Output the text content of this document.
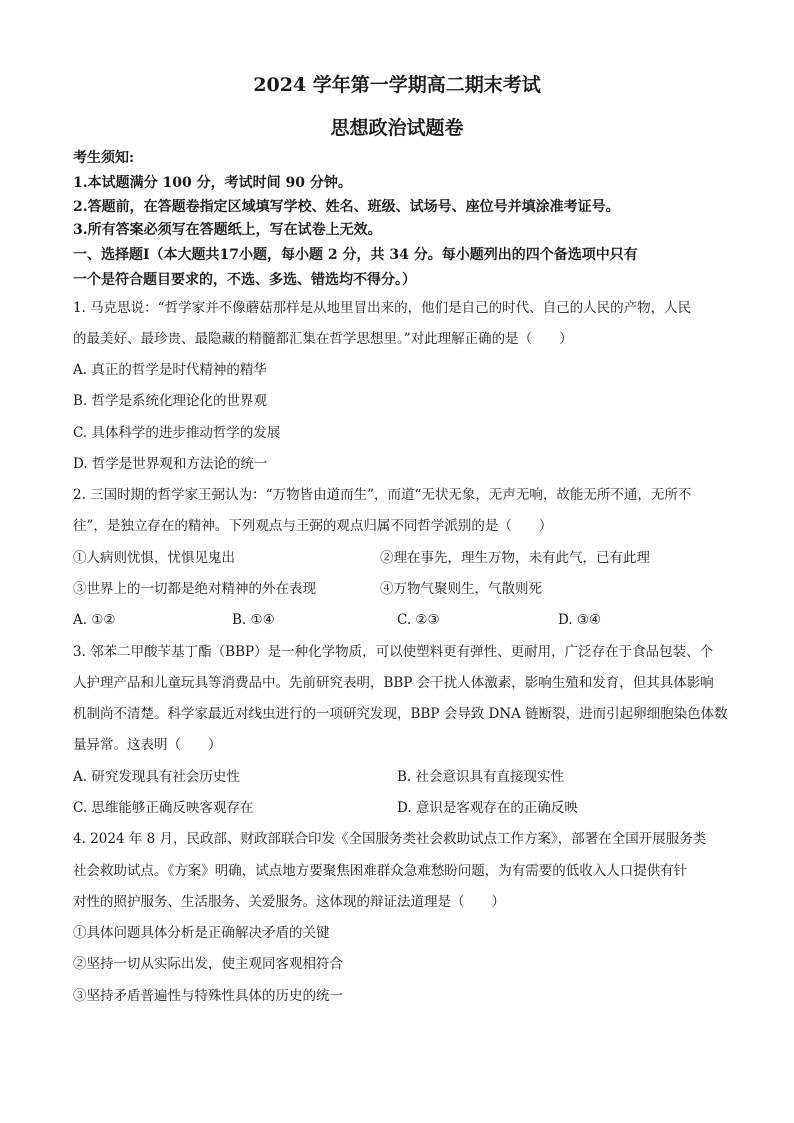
2024 学年第一学期高二期末考试
思想政治试题卷
考生须知:
1.本试题满分 100 分，考试时间 90 分钟。
2.答题前，在答题卷指定区域填写学校、姓名、班级、试场号、座位号并填涂准考证号。
3.所有答案必须写在答题纸上，写在试卷上无效。
一、选择题Ⅰ（本大题共17小题，每小题 2 分，共 34 分。每小题列出的四个备选项中只有
一个是符合题目要求的，不选、多选、错选均不得分。）
1. 马克思说：“哲学家并不像蘑菇那样是从地里冒出来的，他们是自己的时代、自己的人民的产物，人民
的最美好、最珍贵、最隐藏的精髓都汇集在哲学思想里。”对此理解正确的是（　　）
A. 真正的哲学是时代精神的精华
B. 哲学是系统化理论化的世界观
C. 具体科学的进步推动哲学的发展
D. 哲学是世界观和方法论的统一
2. 三国时期的哲学家王弼认为：“万物皆由道而生”，而道“无状无象，无声无响，故能无所不通，无所不
往”，是独立存在的精神。下列观点与王弼的观点归属不同哲学派别的是（　　）
①人病则忧惧，忧惧见鬼出	②理在事先，理生万物，未有此气，已有此理
③世界上的一切都是绝对精神的外在表现	④万物气聚则生，气散则死
A. ①②	B. ①④	C. ②③	D. ③④
3. 邻苯二甲酸苄基丁酯（BBP）是一种化学物质，可以使塑料更有弹性、更耐用，广泛存在于食品包装、个
人护理产品和儿童玩具等消费品中。先前研究表明，BBP 会干扰人体激素，影响生殖和发育，但其具体影响
机制尚不清楚。科学家最近对线虫进行的一项研究发现，BBP 会导致 DNA 链断裂，进而引起卵细胞染色体数
量异常。这表明（　　）
A. 研究发现具有社会历史性	B. 社会意识具有直接现实性
C. 思维能够正确反映客观存在	D. 意识是客观存在的正确反映
4. 2024 年 8 月，民政部、财政部联合印发《全国服务类社会救助试点工作方案》，部署在全国开展服务类
社会救助试点。《方案》明确，试点地方要聚焦困难群众急难愁盼问题，为有需要的低收入人口提供有针
对性的照护服务、生活服务、关爱服务。这体现的辩证法道理是（　　）
①具体问题具体分析是正确解决矛盾的关键
②坚持一切从实际出发，使主观同客观相符合
③坚持矛盾普遍性与特殊性具体的历史的统一
